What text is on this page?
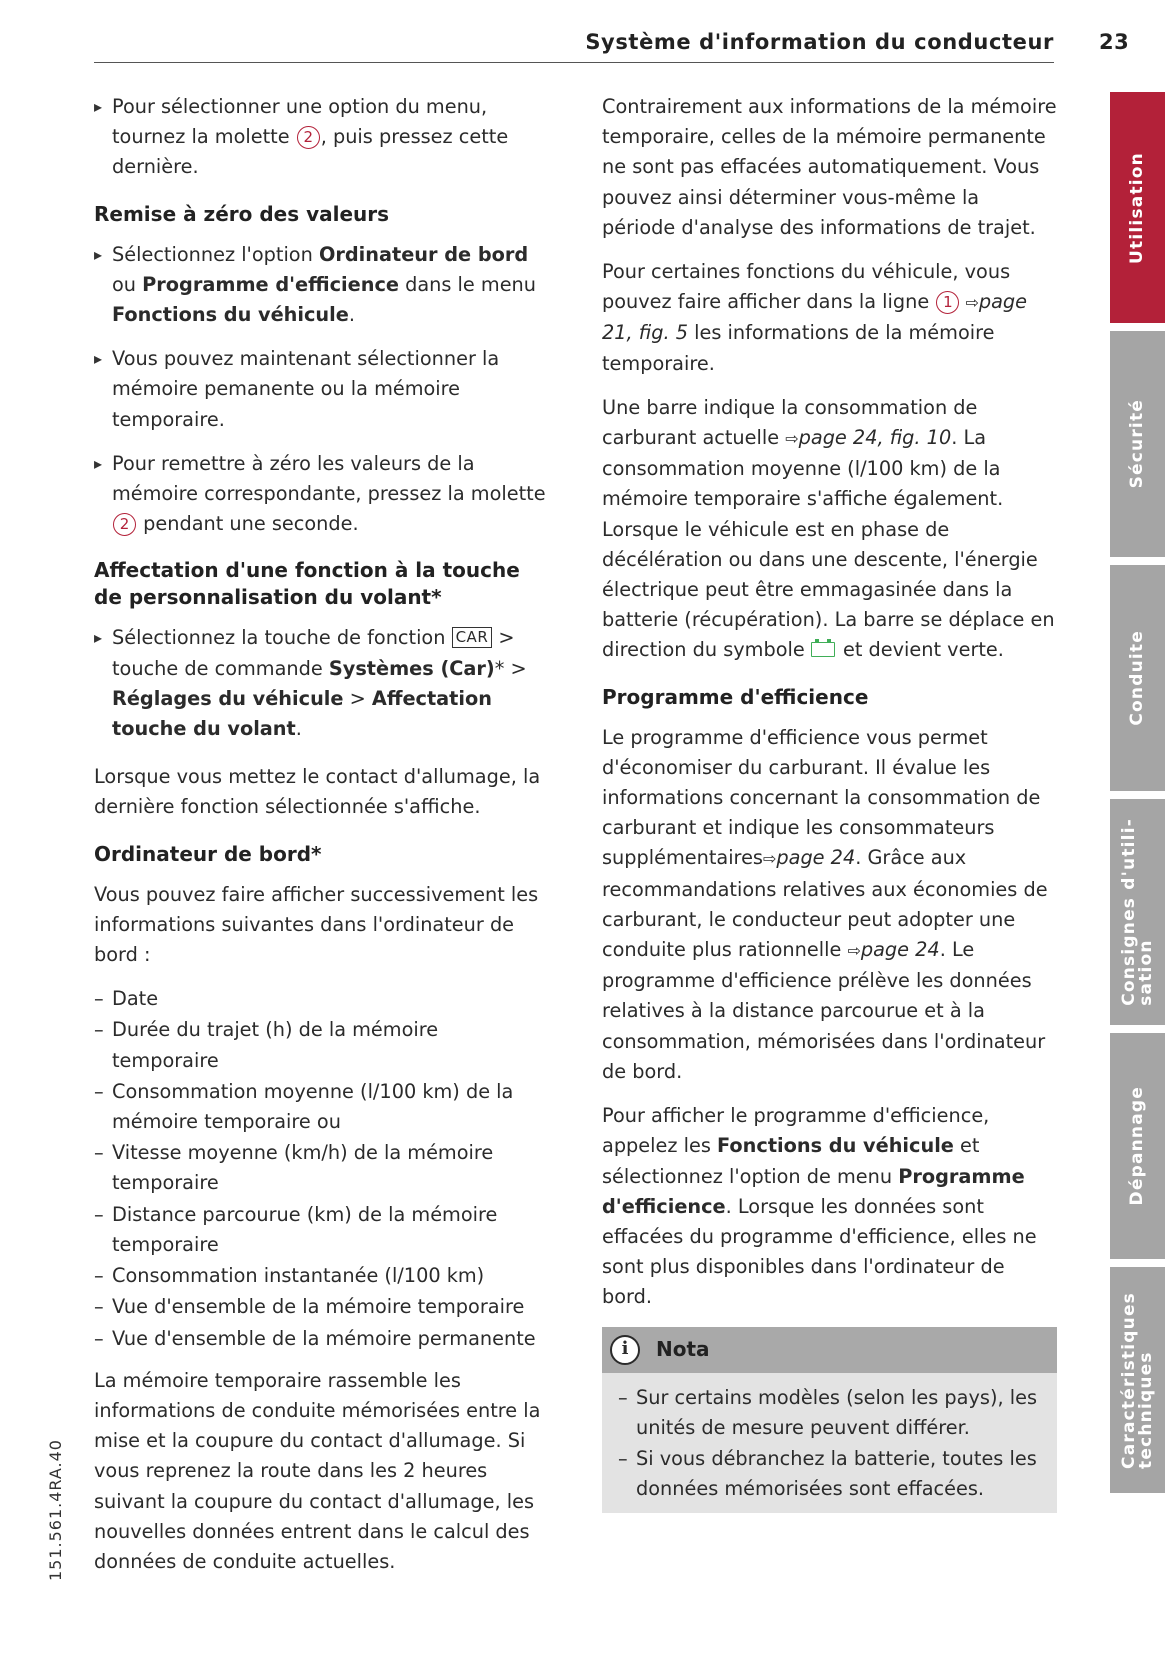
Système d'information du conducteur 23

▸ Pour sélectionner une option du menu, tournez la molette 2 , puis pressez cette dernière.

Remise à zéro des valeurs

▸ Sélectionnez l'option Ordinateur de bord ou Programme d'efficience dans le menu Fonctions du véhicule.

▸ Vous pouvez maintenant sélectionner la mémoire pemanente ou la mémoire temporaire.

▸ Pour remettre à zéro les valeurs de la mémoire correspondante, pressez la molette 2 pendant une seconde.

Affectation d'une fonction à la touche de personnalisation du volant*

▸ Sélectionnez la touche de fonction CAR > touche de commande Systèmes (Car)* > Réglages du véhicule > Affectation touche du volant.

Lorsque vous mettez le contact d'allumage, la dernière fonction sélectionnée s'affiche.

Ordinateur de bord*

Vous pouvez faire afficher successivement les informations suivantes dans l'ordinateur de bord :

– Date
– Durée du trajet (h) de la mémoire temporaire
– Consommation moyenne (l/100 km) de la mémoire temporaire ou
– Vitesse moyenne (km/h) de la mémoire temporaire
– Distance parcourue (km) de la mémoire temporaire
– Consommation instantanée (l/100 km)
– Vue d'ensemble de la mémoire temporaire
– Vue d'ensemble de la mémoire permanente

La mémoire temporaire rassemble les informations de conduite mémorisées entre la mise et la coupure du contact d'allumage. Si vous reprenez la route dans les 2 heures suivant la coupure du contact d'allumage, les nouvelles données entrent dans le calcul des données de conduite actuelles.

Contrairement aux informations de la mémoire temporaire, celles de la mémoire permanente ne sont pas effacées automatiquement. Vous pouvez ainsi déterminer vous-même la période d'analyse des informations de trajet.

Pour certaines fonctions du véhicule, vous pouvez faire afficher dans la ligne 1 ⇨page 21, fig. 5 les informations de la mémoire temporaire.

Une barre indique la consommation de carburant actuelle ⇨page 24, fig. 10. La consommation moyenne (l/100 km) de la mémoire temporaire s'affiche également. Lorsque le véhicule est en phase de décélération ou dans une descente, l'énergie électrique peut être emmagasinée dans la batterie (récupération). La barre se déplace en direction du symbole  et devient verte.

Programme d'efficience

Le programme d'efficience vous permet d'économiser du carburant. Il évalue les informations concernant la consommation de carburant et indique les consommateurs supplémentaires⇨page 24. Grâce aux recommandations relatives aux économies de carburant, le conducteur peut adopter une conduite plus rationnelle ⇨page 24. Le programme d'efficience prélève les données relatives à la distance parcourue et à la consommation, mémorisées dans l'ordinateur de bord.

Pour afficher le programme d'efficience, appelez les Fonctions du véhicule et sélectionnez l'option de menu Programme d'efficience. Lorsque les données sont effacées du programme d'efficience, elles ne sont plus disponibles dans l'ordinateur de bord.

i	Nota
– Sur certains modèles (selon les pays), les unités de mesure peuvent différer.
– Si vous débranchez la batterie, toutes les données mémorisées sont effacées.
151.561.4RA.40
Utilisation
Sécurité
Conduite
Consignes d'utili-
sation
Dépannage
Caractéristiques
techniques
